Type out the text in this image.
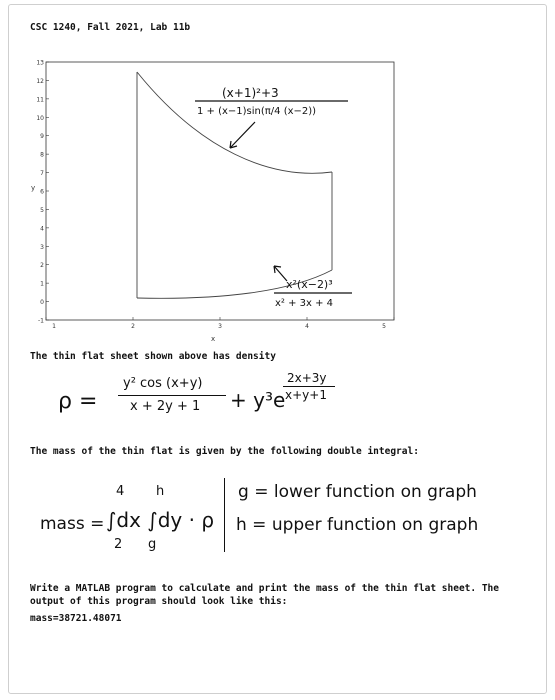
CSC 1240, Fall 2021, Lab 11b
13
12
11
10
9
8
7
6
5
4
3
2
1
0
-1
1	2	3	4	5
y
x
(x+1)²+3
1 + (x−1)sin(π/4 (x−2))
x²(x−2)³
x² + 3x + 4
The thin flat sheet shown above has density
ρ =
y² cos (x+y)
x + 2y + 1 + y³e
2x+3y
x+y+1
The mass of the thin flat is given by the following double integral:
mass = ∫dx ∫dy · ρ
4
2
h
g
g = lower function on graph
h = upper function on graph
Write a MATLAB program to calculate and print the mass of the thin flat sheet. The output of this program should look like this:
mass=38721.48071
